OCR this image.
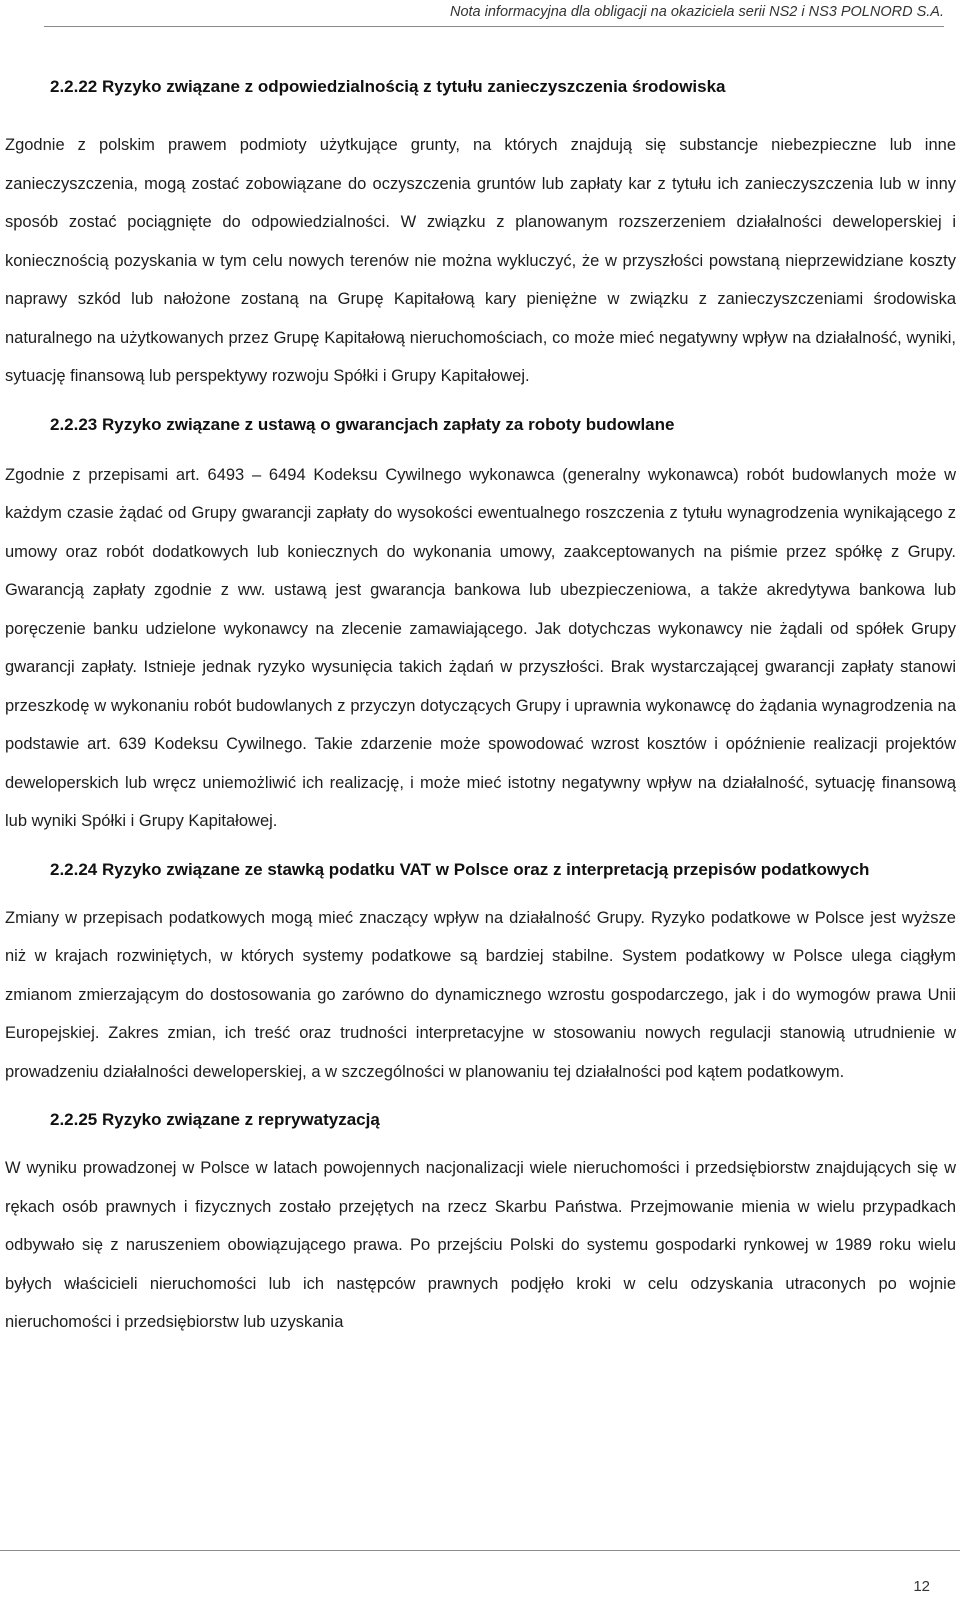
Nota informacyjna dla obligacji na okaziciela serii NS2 i NS3 POLNORD S.A.
2.2.22 Ryzyko związane z odpowiedzialnością z tytułu zanieczyszczenia środowiska

Zgodnie z polskim prawem podmioty użytkujące grunty, na których znajdują się substancje niebezpieczne lub inne zanieczyszczenia, mogą zostać zobowiązane do oczyszczenia gruntów lub zapłaty kar z tytułu ich zanieczyszczenia lub w inny sposób zostać pociągnięte do odpowiedzialności. W związku z planowanym rozszerzeniem działalności deweloperskiej i koniecznością pozyskania w tym celu nowych terenów nie można wykluczyć, że w przyszłości powstaną nieprzewidziane koszty naprawy szkód lub nałożone zostaną na Grupę Kapitałową kary pieniężne w związku z zanieczyszczeniami środowiska naturalnego na użytkowanych przez Grupę Kapitałową nieruchomościach, co może mieć negatywny wpływ na działalność, wyniki, sytuację finansową lub perspektywy rozwoju Spółki i Grupy Kapitałowej.

2.2.23 Ryzyko związane z ustawą o gwarancjach zapłaty za roboty budowlane

Zgodnie z przepisami art. 6493 – 6494 Kodeksu Cywilnego wykonawca (generalny wykonawca) robót budowlanych może w każdym czasie żądać od Grupy gwarancji zapłaty do wysokości ewentualnego roszczenia z tytułu wynagrodzenia wynikającego z umowy oraz robót dodatkowych lub koniecznych do wykonania umowy, zaakceptowanych na piśmie przez spółkę z Grupy. Gwarancją zapłaty zgodnie z ww. ustawą jest gwarancja bankowa lub ubezpieczeniowa, a także akredytywa bankowa lub poręczenie banku udzielone wykonawcy na zlecenie zamawiającego. Jak dotychczas wykonawcy nie żądali od spółek Grupy gwarancji zapłaty. Istnieje jednak ryzyko wysunięcia takich żądań w przyszłości. Brak wystarczającej gwarancji zapłaty stanowi przeszkodę w wykonaniu robót budowlanych z przyczyn dotyczących Grupy i uprawnia wykonawcę do żądania wynagrodzenia na podstawie art. 639 Kodeksu Cywilnego. Takie zdarzenie może spowodować wzrost kosztów i opóźnienie realizacji projektów deweloperskich lub wręcz uniemożliwić ich realizację, i może mieć istotny negatywny wpływ na działalność, sytuację finansową lub wyniki Spółki i Grupy Kapitałowej.

2.2.24 Ryzyko związane ze stawką podatku VAT w Polsce oraz z interpretacją przepisów podatkowych

Zmiany w przepisach podatkowych mogą mieć znaczący wpływ na działalność Grupy. Ryzyko podatkowe w Polsce jest wyższe niż w krajach rozwiniętych, w których systemy podatkowe są bardziej stabilne. System podatkowy w Polsce ulega ciągłym zmianom zmierzającym do dostosowania go zarówno do dynamicznego wzrostu gospodarczego, jak i do wymogów prawa Unii Europejskiej. Zakres zmian, ich treść oraz trudności interpretacyjne w stosowaniu nowych regulacji stanowią utrudnienie w prowadzeniu działalności deweloperskiej, a w szczególności w planowaniu tej działalności pod kątem podatkowym.

2.2.25 Ryzyko związane z reprywatyzacją

W wyniku prowadzonej w Polsce w latach powojennych nacjonalizacji wiele nieruchomości i przedsiębiorstw znajdujących się w rękach osób prawnych i fizycznych zostało przejętych na rzecz Skarbu Państwa. Przejmowanie mienia w wielu przypadkach odbywało się z naruszeniem obowiązującego prawa. Po przejściu Polski do systemu gospodarki rynkowej w 1989 roku wielu byłych właścicieli nieruchomości lub ich następców prawnych podjęło kroki w celu odzyskania utraconych po wojnie nieruchomości i przedsiębiorstw lub uzyskania

12
